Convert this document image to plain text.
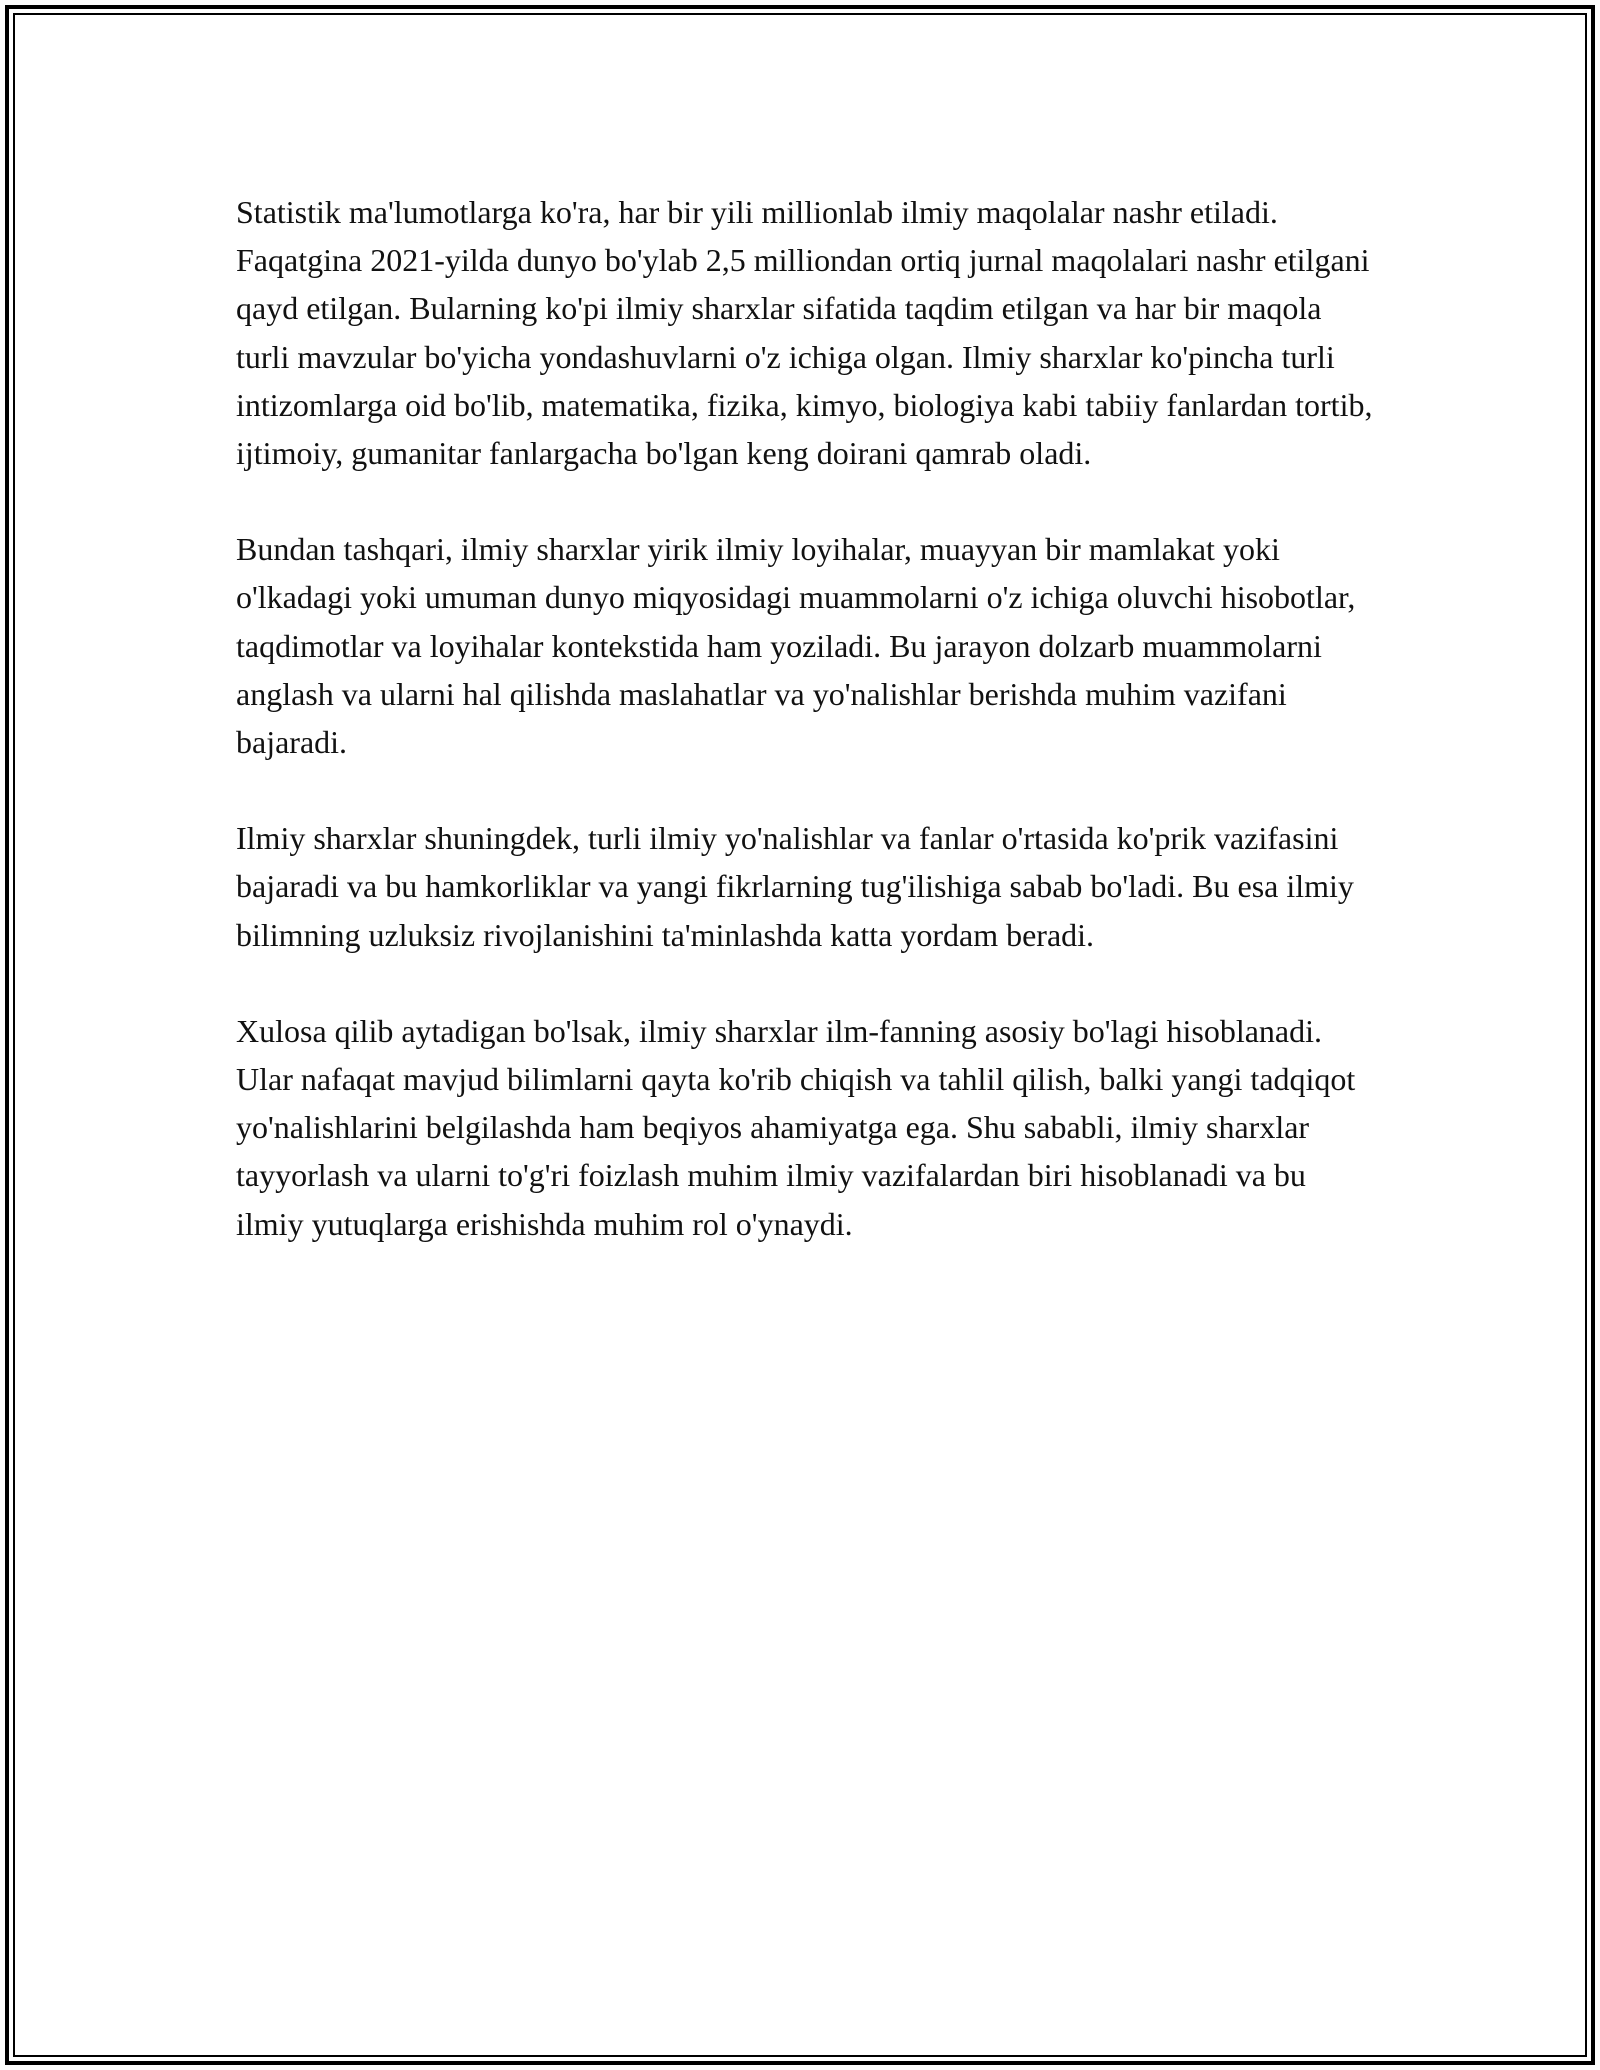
Statistik ma'lumotlarga ko'ra, har bir yili millionlab ilmiy maqolalar nashr etiladi. Faqatgina 2021-yilda dunyo bo'ylab 2,5 milliondan ortiq jurnal maqolalari nashr etilgani qayd etilgan. Bularning ko'pi ilmiy sharxlar sifatida taqdim etilgan va har bir maqola turli mavzular bo'yicha yondashuvlarni o'z ichiga olgan. Ilmiy sharxlar ko'pincha turli intizomlarga oid bo'lib, matematika, fizika, kimyo, biologiya kabi tabiiy fanlardan tortib, ijtimoiy, gumanitar fanlargacha bo'lgan keng doirani qamrab oladi.

Bundan tashqari, ilmiy sharxlar yirik ilmiy loyihalar, muayyan bir mamlakat yoki o'lkadagi yoki umuman dunyo miqyosidagi muammolarni o'z ichiga oluvchi hisobotlar, taqdimotlar va loyihalar kontekstida ham yoziladi. Bu jarayon dolzarb muammolarni anglash va ularni hal qilishda maslahatlar va yo'nalishlar berishda muhim vazifani bajaradi.

Ilmiy sharxlar shuningdek, turli ilmiy yo'nalishlar va fanlar o'rtasida ko'prik vazifasini bajaradi va bu hamkorliklar va yangi fikrlarning tug'ilishiga sabab bo'ladi. Bu esa ilmiy bilimning uzluksiz rivojlanishini ta'minlashda katta yordam beradi.

Xulosa qilib aytadigan bo'lsak, ilmiy sharxlar ilm-fanning asosiy bo'lagi hisoblanadi. Ular nafaqat mavjud bilimlarni qayta ko'rib chiqish va tahlil qilish, balki yangi tadqiqot yo'nalishlarini belgilashda ham beqiyos ahamiyatga ega. Shu sababli, ilmiy sharxlar tayyorlash va ularni to'g'ri foizlash muhim ilmiy vazifalardan biri hisoblanadi va bu ilmiy yutuqlarga erishishda muhim rol o'ynaydi.
